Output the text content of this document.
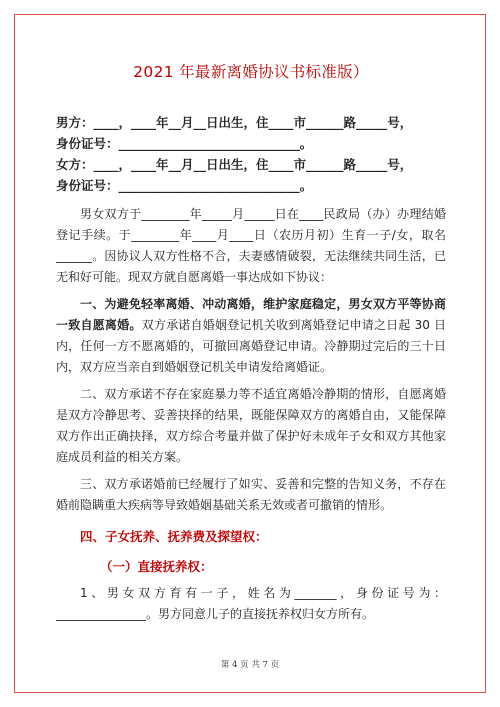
2021 年最新离婚协议书标准版）
男方：____，____年__月__日出生，住____市______路_____号，
身份证号：_____________________________。
女方：____，____年__月__日出生，住____市______路_____号，
身份证号：_____________________________。

男女双方于________年_____月_____日在____民政局（办）办理结婚登记手续。于________年____月____日（农历月初）生育一子/女，取名______。因协议人双方性格不合，夫妻感情破裂，无法继续共同生活，已无和好可能。现双方就自愿离婚一事达成如下协议：

一、为避免轻率离婚、冲动离婚，维护家庭稳定，男女双方平等协商一致自愿离婚。双方承诺自婚姻登记机关收到离婚登记申请之日起 30 日内，任何一方不愿离婚的，可撤回离婚登记申请。冷静期过完后的三十日内，双方应当亲自到婚姻登记机关申请发给离婚证。

二、双方承诺不存在家庭暴力等不适宜离婚冷静期的情形，自愿离婚是双方冷静思考、妥善抉择的结果，既能保障双方的离婚自由，又能保障双方作出正确抉择，双方综合考量并做了保护好未成年子女和双方其他家庭成员利益的相关方案。

三、双方承诺婚前已经履行了如实、妥善和完整的告知义务，不存在婚前隐瞒重大疾病等导致婚姻基础关系无效或者可撤销的情形。

四、子女抚养、抚养费及探望权：
（一）直接抚养权：

1、男女双方育有一子，姓名为_______，身份证号为：_______________。男方同意儿子的直接抚养权归女方所有。

第 4 页 共 7 页
